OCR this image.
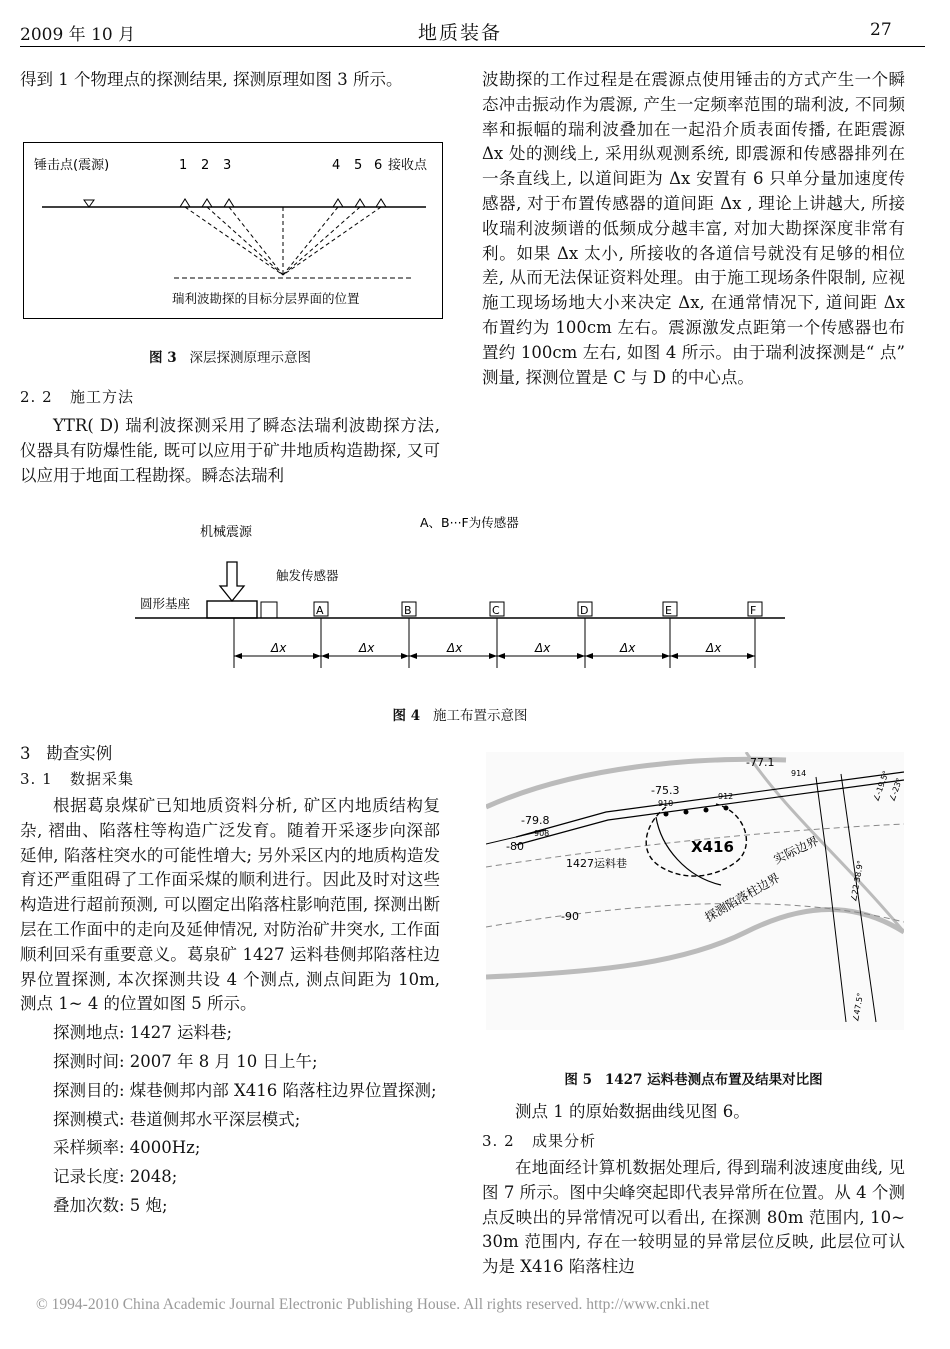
2009 年 10 月	地质装备	27

得到 1 个物理点的探测结果, 探测原理如图 3 所示。

锤击点(震源)	1 2 3	4 5 6 接收点
瑞利波勘探的目标分层界面的位置
图 3 深层探测原理示意图
2. 2 施工方法

YTR( D) 瑞利波探测采用了瞬态法瑞利波勘探方法, 仪器具有防爆性能, 既可以应用于矿井地质构造勘探, 又可以应用于地面工程勘探。瞬态法瑞利

波勘探的工作过程是在震源点使用锤击的方式产生一个瞬态冲击振动作为震源, 产生一定频率范围的瑞利波, 不同频率和振幅的瑞利波叠加在一起沿介质表面传播, 在距震源 Δx 处的测线上, 采用纵观测系统, 即震源和传感器排列在一条直线上, 以道间距为 Δx 安置有 6 只单分量加速度传感器, 对于布置传感器的道间距 Δx , 理论上讲越大, 所接收瑞利波频谱的低频成分越丰富, 对加大勘探深度非常有利。如果 Δx 太小, 所接收的各道信号就没有足够的相位差, 从而无法保证资料处理。由于施工现场条件限制, 应视施工现场场地大小来决定 Δx, 在通常情况下, 道间距 Δx 布置约为 100cm 左右。震源激发点距第一个传感器也布置约 100cm 左右, 如图 4 所示。由于瑞利波探测是“ 点” 测量, 探测位置是 C 与 D 的中心点。

机械震源
A、B···F为传感器
触发传感器
圆形基座	A	B	C	D	E	F
Δx	Δx	Δx	Δx	Δx	Δx
图 4 施工布置示意图
3 勘查实例
3. 1 数据采集

根据葛泉煤矿已知地质资料分析, 矿区内地质结构复杂, 褶曲、陷落柱等构造广泛发育。随着开采逐步向深部延伸, 陷落柱突水的可能性增大; 另外采区内的地质构造发育还严重阻碍了工作面采煤的顺利进行。因此及时对这些构造进行超前预测, 可以圈定出陷落柱影响范围, 探测出断层在工作面中的走向及延伸情况, 对防治矿井突水, 工作面顺利回采有重要意义。葛泉矿 1427 运料巷侧邦陷落柱边界位置探测, 本次探测共设 4 个测点, 测点间距为 10m, 测点 1~ 4 的位置如图 5 所示。

探测地点: 1427 运料巷;

探测时间: 2007 年 8 月 10 日上午;

探测目的: 煤巷侧邦内部 X416 陷落柱边界位置探测;

探测模式: 巷道侧邦水平深层模式;

采样频率: 4000Hz;

记录长度: 2048;

叠加次数: 5 炮;

-77.1
-75.3
-79.8
-80
-90
910
912
908
914
X416
1427运料巷	实际边界
探测陷落柱边界
∠-19.5°
∠-23°
∠22 38.9°
∠47.5°
图 5 1427 运料巷测点布置及结果对比图

测点 1 的原始数据曲线见图 6。

3. 2 成果分析

在地面经计算机数据处理后, 得到瑞利波速度曲线, 见图 7 所示。图中尖峰突起即代表异常所在位置。从 4 个测点反映出的异常情况可以看出, 在探测 80m 范围内, 10~ 30m 范围内, 存在一较明显的异常层位反映, 此层位可认为是 X416 陷落柱边

© 1994-2010 China Academic Journal Electronic Publishing House. All rights reserved. http://www.cnki.net
